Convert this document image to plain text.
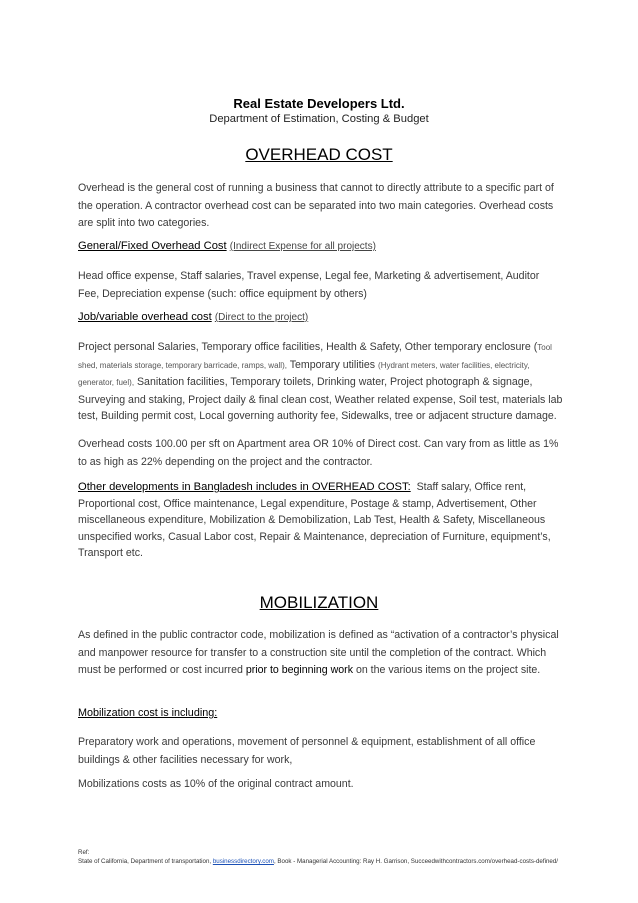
Real Estate Developers Ltd.
Department of Estimation, Costing & Budget
OVERHEAD COST
Overhead is the general cost of running a business that cannot to directly attribute to a specific part of the operation. A contractor overhead cost can be separated into two main categories. Overhead costs are split into two categories.
General/Fixed Overhead Cost (Indirect Expense for all projects)
Head office expense, Staff salaries, Travel expense, Legal fee, Marketing & advertisement, Auditor Fee, Depreciation expense (such: office equipment by others)
Job/variable overhead cost (Direct to the project)
Project personal Salaries, Temporary office facilities, Health & Safety, Other temporary enclosure (Tool shed, materials storage, temporary barricade, ramps, wall), Temporary utilities (Hydrant meters, water facilities, electricity, generator, fuel), Sanitation facilities, Temporary toilets, Drinking water, Project photograph & signage, Surveying and staking, Project daily & final clean cost, Weather related expense, Soil test, materials lab test, Building permit cost, Local governing authority fee, Sidewalks, tree or adjacent structure damage.
Overhead costs 100.00 per sft on Apartment area OR 10% of Direct cost. Can vary from as little as 1% to as high as 22% depending on the project and the contractor.
Other developments in Bangladesh includes in OVERHEAD COST: Staff salary, Office rent, Proportional cost, Office maintenance, Legal expenditure, Postage & stamp, Advertisement, Other miscellaneous expenditure, Mobilization & Demobilization, Lab Test, Health & Safety, Miscellaneous unspecified works, Casual Labor cost, Repair & Maintenance, depreciation of Furniture, equipment’s, Transport etc.
MOBILIZATION
As defined in the public contractor code, mobilization is defined as “activation of a contractor’s physical and manpower resource for transfer to a construction site until the completion of the contract. Which must be performed or cost incurred prior to beginning work on the various items on the project site.
Mobilization cost is including:
Preparatory work and operations, movement of personnel & equipment, establishment of all office buildings & other facilities necessary for work,
Mobilizations costs as 10% of the original contract amount.
Ref:
State of California, Department of transportation, businessdirectory.com, Book - Managerial Accounting: Ray H. Garrison, Succeedwithcontractors.com/overhead-costs-defined/
